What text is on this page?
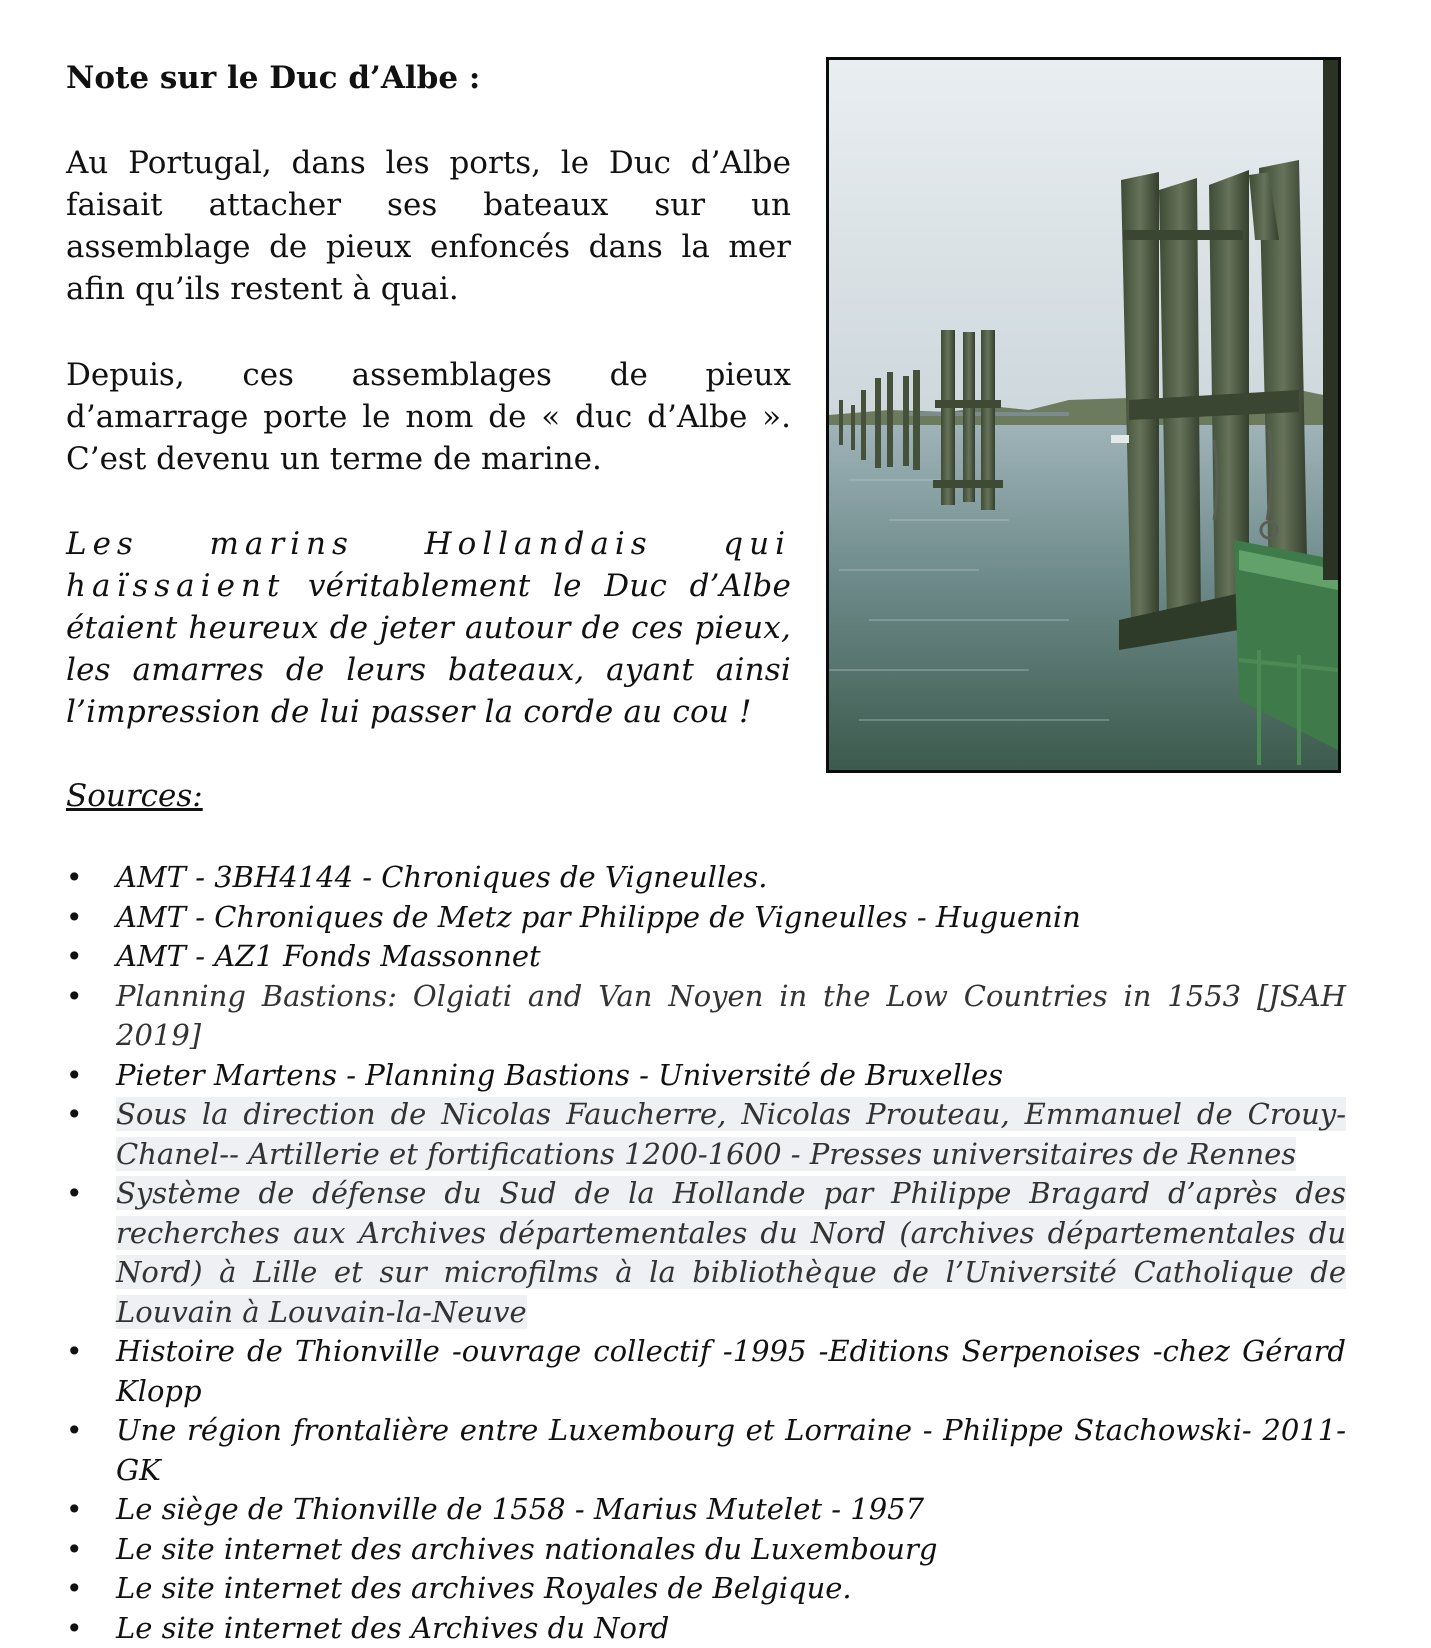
Note sur le Duc d’Albe :

Au Portugal, dans les ports, le Duc d’Albe faisait attacher ses bateaux sur un assemblage de pieux enfoncés dans la mer afin qu’ils restent à quai.

Depuis, ces assemblages de pieux d’amarrage porte le nom de « duc d’Albe ». C’est devenu un terme de marine.

Les marins Hollandais qui haïssaient véritablement le Duc d’Albe étaient heureux de jeter autour de ces pieux, les amarres de leurs bateaux, ayant ainsi l’impression de lui passer la corde au cou !

Sources:

• AMT - 3BH4144 - Chroniques de Vigneulles.
• AMT - Chroniques de Metz par Philippe de Vigneulles - Huguenin
• AMT - AZ1 Fonds Massonnet
• Planning Bastions: Olgiati and Van Noyen in the Low Countries in 1553 [JSAH 2019]
• Pieter Martens - Planning Bastions - Université de Bruxelles
• Sous la direction de Nicolas Faucherre, Nicolas Prouteau, Emmanuel de Crouy-Chanel-- Artillerie et fortifications 1200-1600 - Presses universitaires de Rennes
• Système de défense du Sud de la Hollande par Philippe Bragard d’après des recherches aux Archives départementales du Nord (archives départementales du Nord) à Lille et sur microfilms à la bibliothèque de l’Université Catholique de Louvain à Louvain-la-Neuve
• Histoire de Thionville -ouvrage collectif -1995 -Editions Serpenoises -chez Gérard Klopp
• Une région frontalière entre Luxembourg et Lorraine - Philippe Stachowski- 2011-GK
• Le siège de Thionville de 1558 - Marius Mutelet - 1957
• Le site internet des archives nationales du Luxembourg
• Le site internet des archives Royales de Belgique.
• Le site internet des Archives du Nord
